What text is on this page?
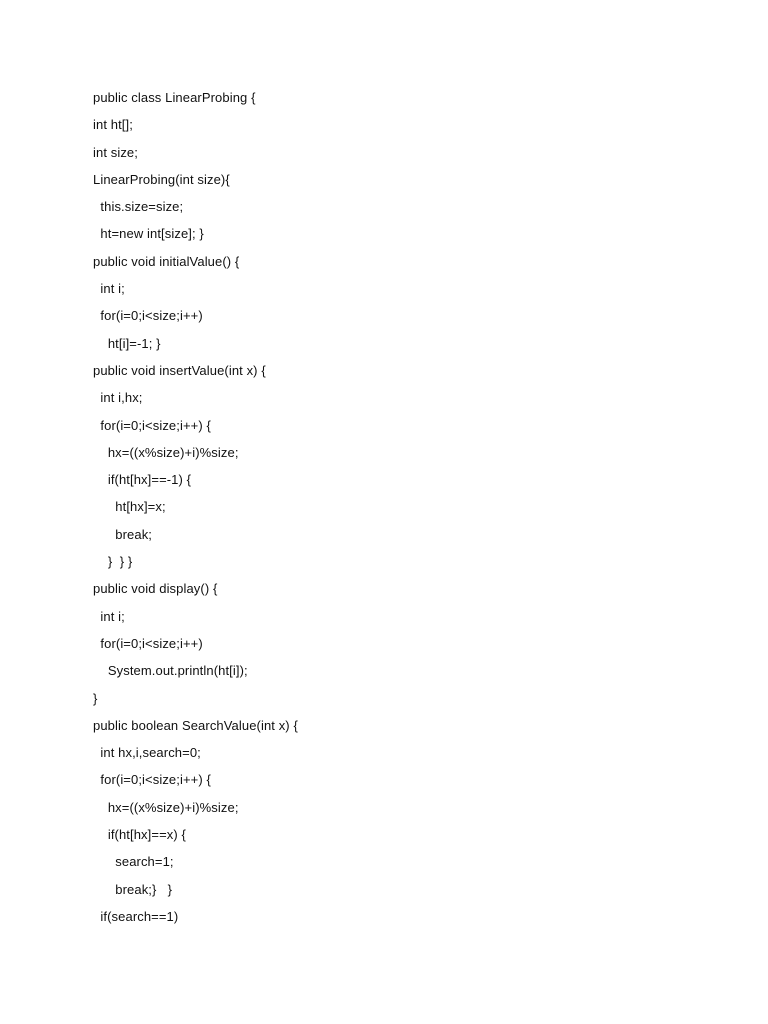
public class LinearProbing {
int ht[];
int size;
LinearProbing(int size){
this.size=size;
ht=new int[size]; }
public void initialValue() {
int i;
for(i=0;i<size;i++)
ht[i]=-1; }
public void insertValue(int x) {
int i,hx;
for(i=0;i<size;i++) {
hx=((x%size)+i)%size;
if(ht[hx]==-1) {
ht[hx]=x;
break;
}  } }
public void display() {
int i;
for(i=0;i<size;i++)
System.out.println(ht[i]);
}
public boolean SearchValue(int x) {
int hx,i,search=0;
for(i=0;i<size;i++) {
hx=((x%size)+i)%size;
if(ht[hx]==x) {
search=1;
break;}   }
if(search==1)
